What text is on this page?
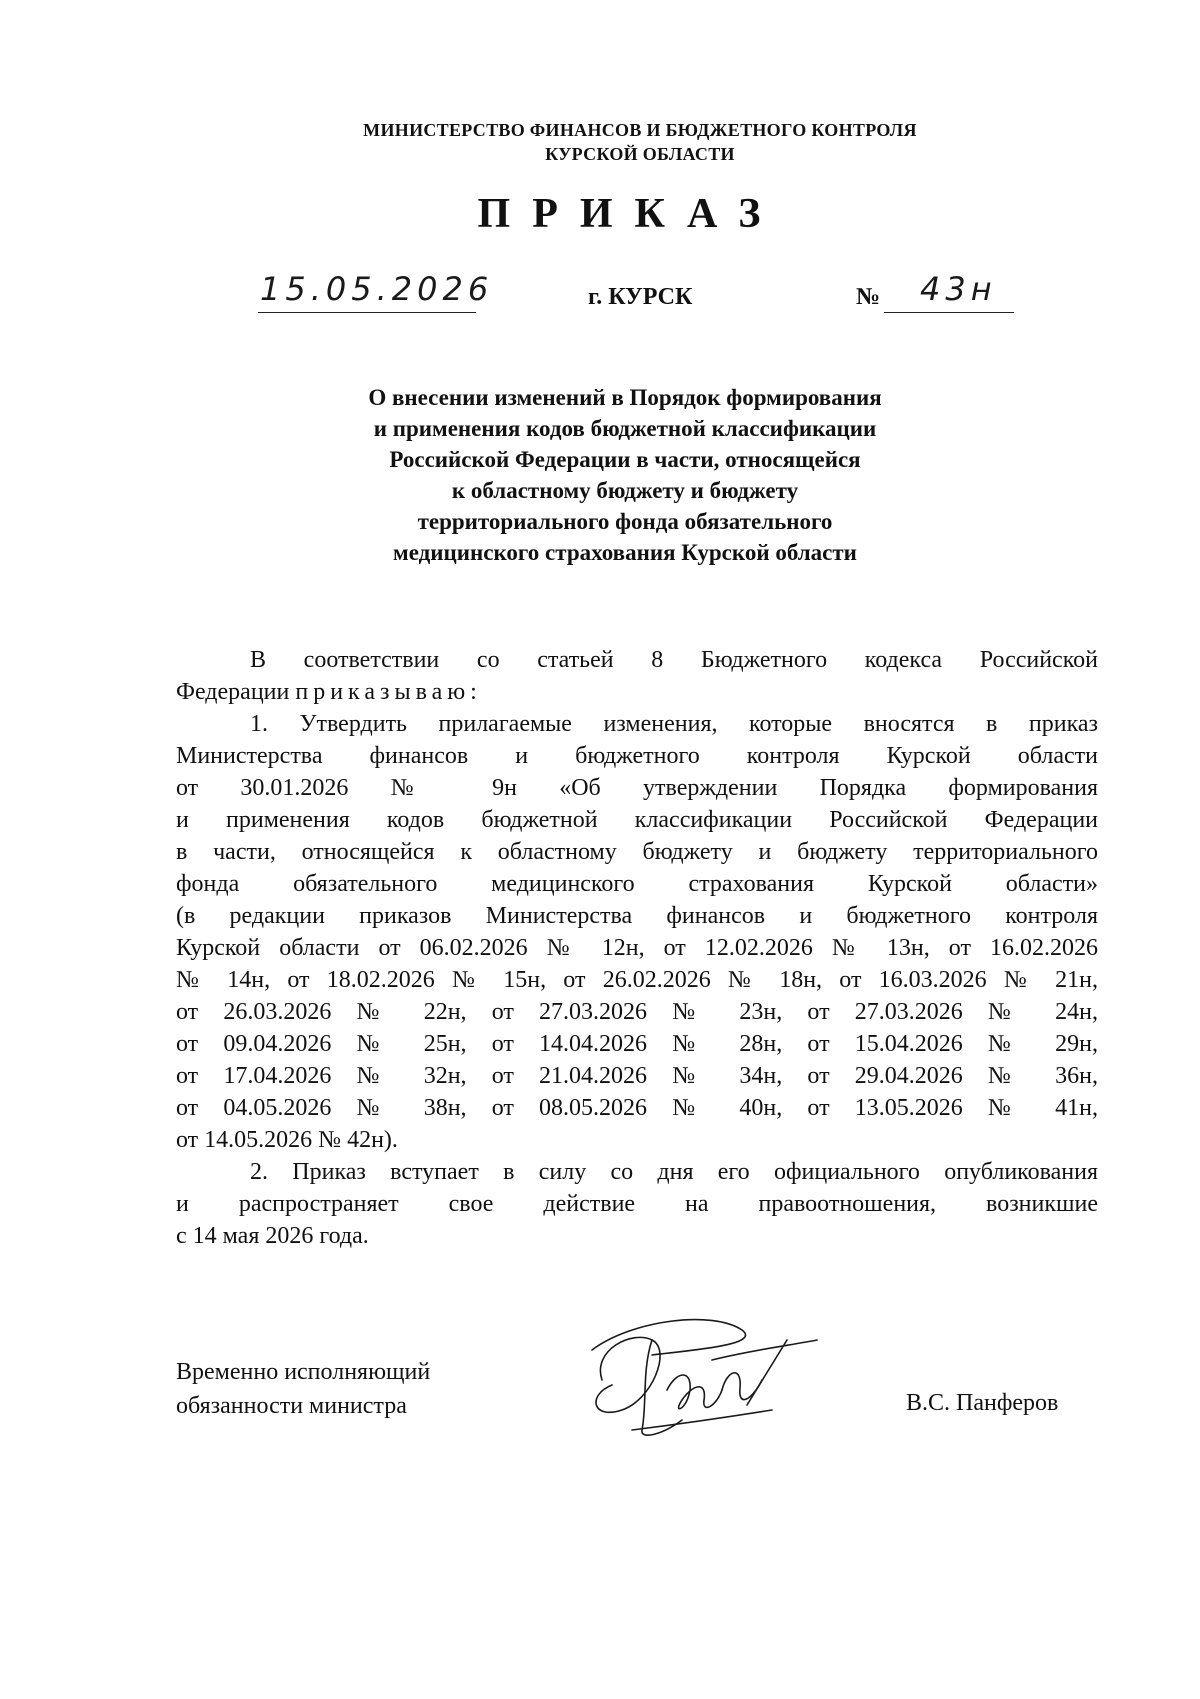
МИНИСТЕРСТВО ФИНАНСОВ И БЮДЖЕТНОГО КОНТРОЛЯ
КУРСКОЙ ОБЛАСТИ
ПРИКАЗ
15.05.2026	г. КУРСК	№ 43н
О внесении изменений в Порядок формирования
и применения кодов бюджетной классификации
Российской Федерации в части, относящейся
к областному бюджету и бюджету
территориального фонда обязательного
медицинского страхования Курской области
В соответствии со статьей 8 Бюджетного кодекса Российской
Федерации приказываю:
1. Утвердить прилагаемые изменения, которые вносятся в приказ
Министерства финансов и бюджетного контроля Курской области
от 30.01.2026 № 9н «Об утверждении Порядка формирования
и применения кодов бюджетной классификации Российской Федерации
в части, относящейся к областному бюджету и бюджету территориального
фонда обязательного медицинского страхования Курской области»
(в редакции приказов Министерства финансов и бюджетного контроля
Курской области от 06.02.2026 № 12н, от 12.02.2026 № 13н, от 16.02.2026
№ 14н, от 18.02.2026 № 15н, от 26.02.2026 № 18н, от 16.03.2026 № 21н,
от 26.03.2026 № 22н, от 27.03.2026 № 23н, от 27.03.2026 № 24н,
от 09.04.2026 № 25н, от 14.04.2026 № 28н, от 15.04.2026 № 29н,
от 17.04.2026 № 32н, от 21.04.2026 № 34н, от 29.04.2026 № 36н,
от 04.05.2026 № 38н, от 08.05.2026 № 40н, от 13.05.2026 № 41н,
от 14.05.2026 № 42н).
2. Приказ вступает в силу со дня его официального опубликования
и распространяет свое действие на правоотношения, возникшие
с 14 мая 2026 года.
Временно исполняющий
обязанности министра	В.С. Панферов
